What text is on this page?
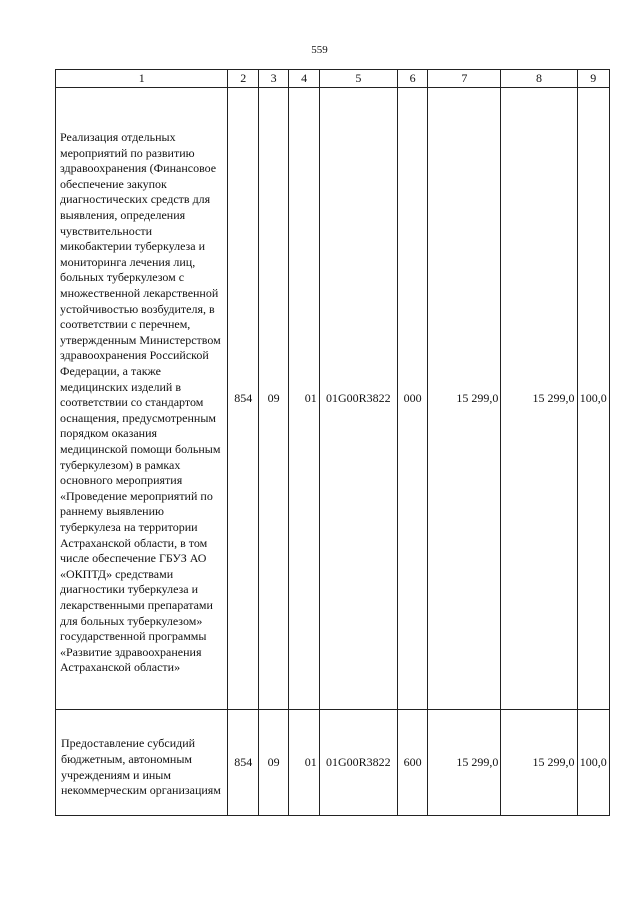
559
1	2	3	4	5	6	7	8	9
Реализация отдельных мероприятий по развитию здравоохранения (Финансовое обеспечение закупок диагностических средств для выявления, определения чувствительности микобактерии туберкулеза и мониторинга лечения лиц, больных туберкулезом с множественной лекарственной устойчивостью возбудителя, в соответствии с перечнем, утвержденным Министерством здравоохранения Российской Федерации, а также медицинских изделий в соответствии со стандартом оснащения, предусмотренным порядком оказания медицинской помощи больным туберкулезом) в рамках основного мероприятия «Проведение мероприятий по раннему выявлению туберкулеза на территории Астраханской области, в том числе обеспечение ГБУЗ АО «ОКПТД» средствами диагностики туберкулеза и лекарственными препаратами для больных туберкулезом» государственной программы «Развитие здравоохранения Астраханской области»	854	09	01	01G00R3822	000	15 299,0	15 299,0	100,0
Предоставление субсидий бюджетным, автономным учреждениям и иным некоммерческим организациям	854	09	01	01G00R3822	600	15 299,0	15 299,0	100,0
